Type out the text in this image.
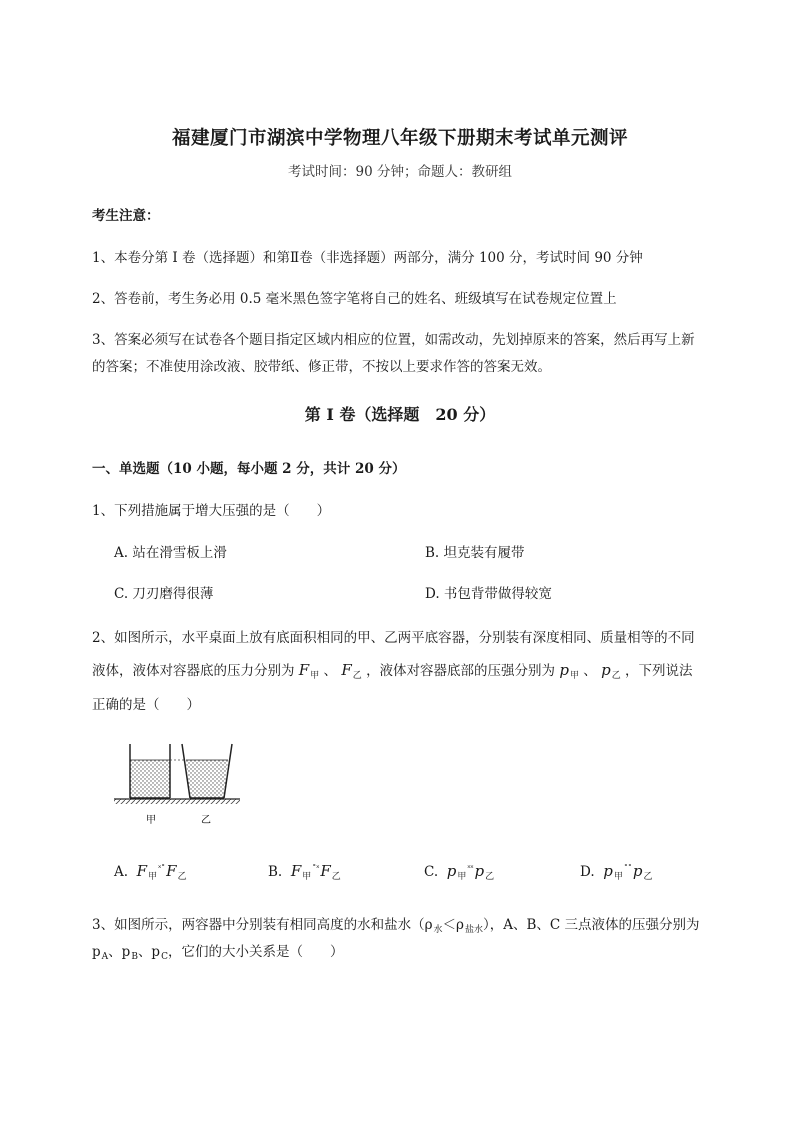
福建厦门市湖滨中学物理八年级下册期末考试单元测评
考试时间：90 分钟；命题人：教研组
考生注意：
1、本卷分第 I 卷（选择题）和第Ⅱ卷（非选择题）两部分，满分 100 分，考试时间 90 分钟
2、答卷前，考生务必用 0.5 毫米黑色签字笔将自己的姓名、班级填写在试卷规定位置上
3、答案必须写在试卷各个题目指定区域内相应的位置，如需改动，先划掉原来的答案，然后再写上新
的答案；不准使用涂改液、胶带纸、修正带，不按以上要求作答的答案无效。
第 I 卷（选择题　20 分）
一、单选题（10 小题，每小题 2 分，共计 20 分）
1、下列措施属于增大压强的是（　　）
A. 站在滑雪板上滑	B. 坦克装有履带
C. 刀刃磨得很薄	D. 书包背带做得较宽
2、如图所示，水平桌面上放有底面积相同的甲、乙两平底容器，分别装有深度相同、质量相等的不同
液体，液体对容器底的压力分别为 $F_甲$ 、 $F_乙$ ，液体对容器底部的压强分别为 $p_甲$ 、 $p_乙$ ，下列说法
正确的是（　　）
甲	乙
A. $F_甲^{˟˚}F_乙$	B. $F_甲^{˚˟}F_乙$	C. $p_甲^{˟˟}p_乙$	D. $p_甲^{˚˚}p_乙$
3、如图所示，两容器中分别装有相同高度的水和盐水$(\rho_水<\rho_{盐水})$，A、B、C 三点液体的压强分别为
$p_A$、$p_B$、$p_C$，它们的大小关系是（　　）
